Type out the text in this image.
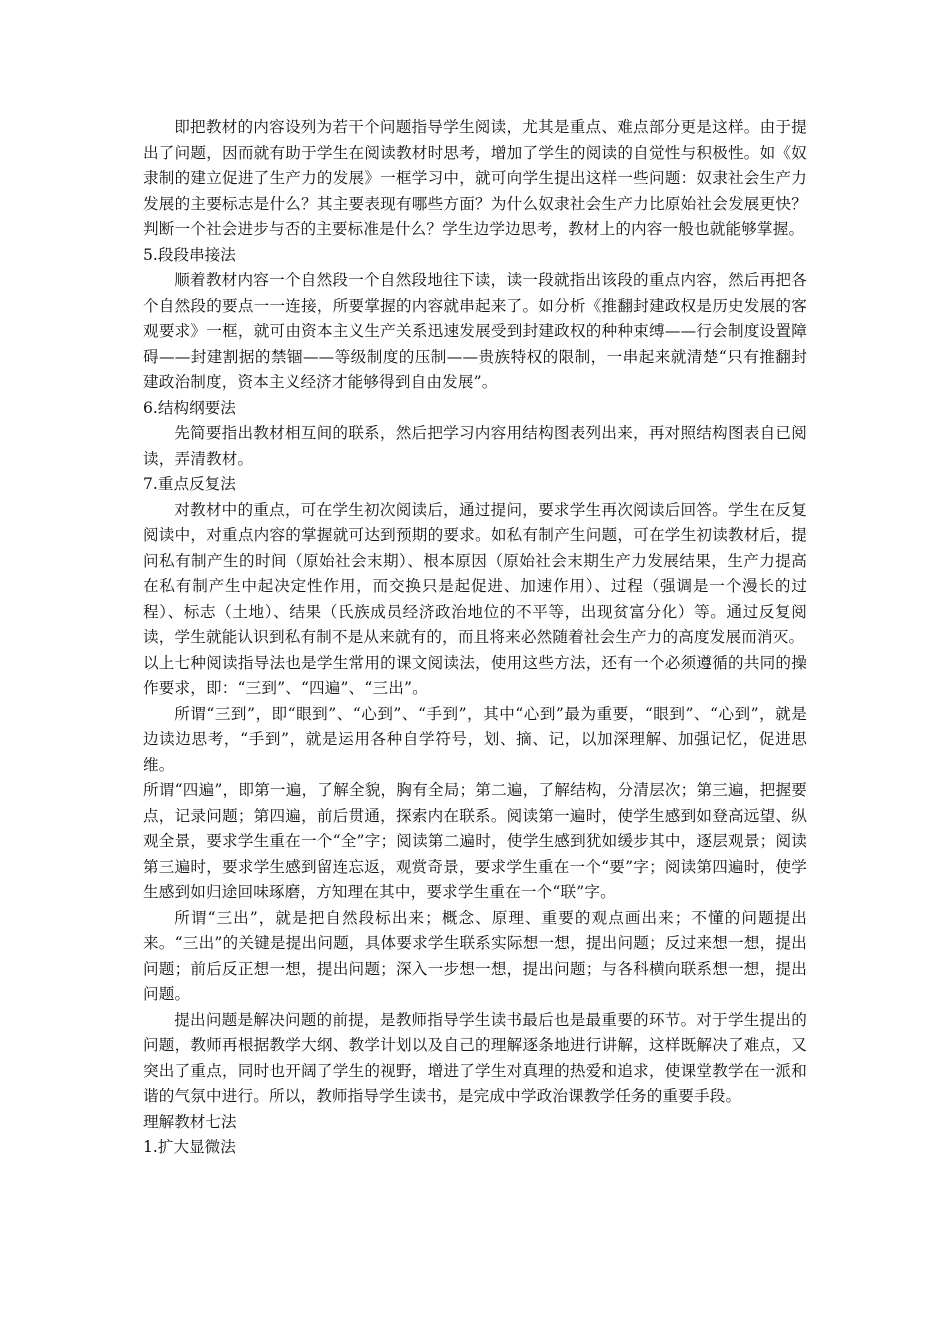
即把教材的内容设列为若干个问题指导学生阅读，尤其是重点、难点部分更是这样。由于提出了问题，因而就有助于学生在阅读教材时思考，增加了学生的阅读的自觉性与积极性。如《奴隶制的建立促进了生产力的发展》一框学习中，就可向学生提出这样一些问题：奴隶社会生产力发展的主要标志是什么？其主要表现有哪些方面？为什么奴隶社会生产力比原始社会发展更快？判断一个社会进步与否的主要标准是什么？学生边学边思考，教材上的内容一般也就能够掌握。

5.段段串接法

顺着教材内容一个自然段一个自然段地往下读，读一段就指出该段的重点内容，然后再把各个自然段的要点一一连接，所要掌握的内容就串起来了。如分析《推翻封建政权是历史发展的客观要求》一框，就可由资本主义生产关系迅速发展受到封建政权的种种束缚——行会制度设置障碍——封建割据的禁锢——等级制度的压制——贵族特权的限制，一串起来就清楚“只有推翻封建政治制度，资本主义经济才能够得到自由发展”。

6.结构纲要法

先简要指出教材相互间的联系，然后把学习内容用结构图表列出来，再对照结构图表自已阅读，弄清教材。

7.重点反复法

对教材中的重点，可在学生初次阅读后，通过提问，要求学生再次阅读后回答。学生在反复阅读中，对重点内容的掌握就可达到预期的要求。如私有制产生问题，可在学生初读教材后，提问私有制产生的时间（原始社会末期）、根本原因（原始社会末期生产力发展结果，生产力提高在私有制产生中起决定性作用，而交换只是起促进、加速作用）、过程（强调是一个漫长的过程）、标志（土地）、结果（氏族成员经济政治地位的不平等，出现贫富分化）等。通过反复阅读，学生就能认识到私有制不是从来就有的，而且将来必然随着社会生产力的高度发展而消灭。

以上七种阅读指导法也是学生常用的课文阅读法，使用这些方法，还有一个必须遵循的共同的操作要求，即：“三到”、“四遍”、“三出”。

所谓“三到”，即“眼到”、“心到”、“手到”，其中“心到”最为重要，“眼到”、“心到”，就是边读边思考，“手到”，就是运用各种自学符号，划、摘、记，以加深理解、加强记忆，促进思维。

所谓“四遍”，即第一遍，了解全貌，胸有全局；第二遍，了解结构，分清层次；第三遍，把握要点，记录问题；第四遍，前后贯通，探索内在联系。阅读第一遍时，使学生感到如登高远望、纵观全景，要求学生重在一个“全”字；阅读第二遍时，使学生感到犹如缓步其中，逐层观景；阅读第三遍时，要求学生感到留连忘返，观赏奇景，要求学生重在一个“要”字；阅读第四遍时，使学生感到如归途回味琢磨，方知理在其中，要求学生重在一个“联”字。

所谓“三出”，就是把自然段标出来；概念、原理、重要的观点画出来；不懂的问题提出来。“三出”的关键是提出问题，具体要求学生联系实际想一想，提出问题；反过来想一想，提出问题；前后反正想一想，提出问题；深入一步想一想，提出问题；与各科横向联系想一想，提出问题。

提出问题是解决问题的前提，是教师指导学生读书最后也是最重要的环节。对于学生提出的问题，教师再根据教学大纲、教学计划以及自己的理解逐条地进行讲解，这样既解决了难点，又突出了重点，同时也开阔了学生的视野，增进了学生对真理的热爱和追求，使课堂教学在一派和谐的气氛中进行。所以，教师指导学生读书，是完成中学政治课教学任务的重要手段。

理解教材七法

1.扩大显微法
